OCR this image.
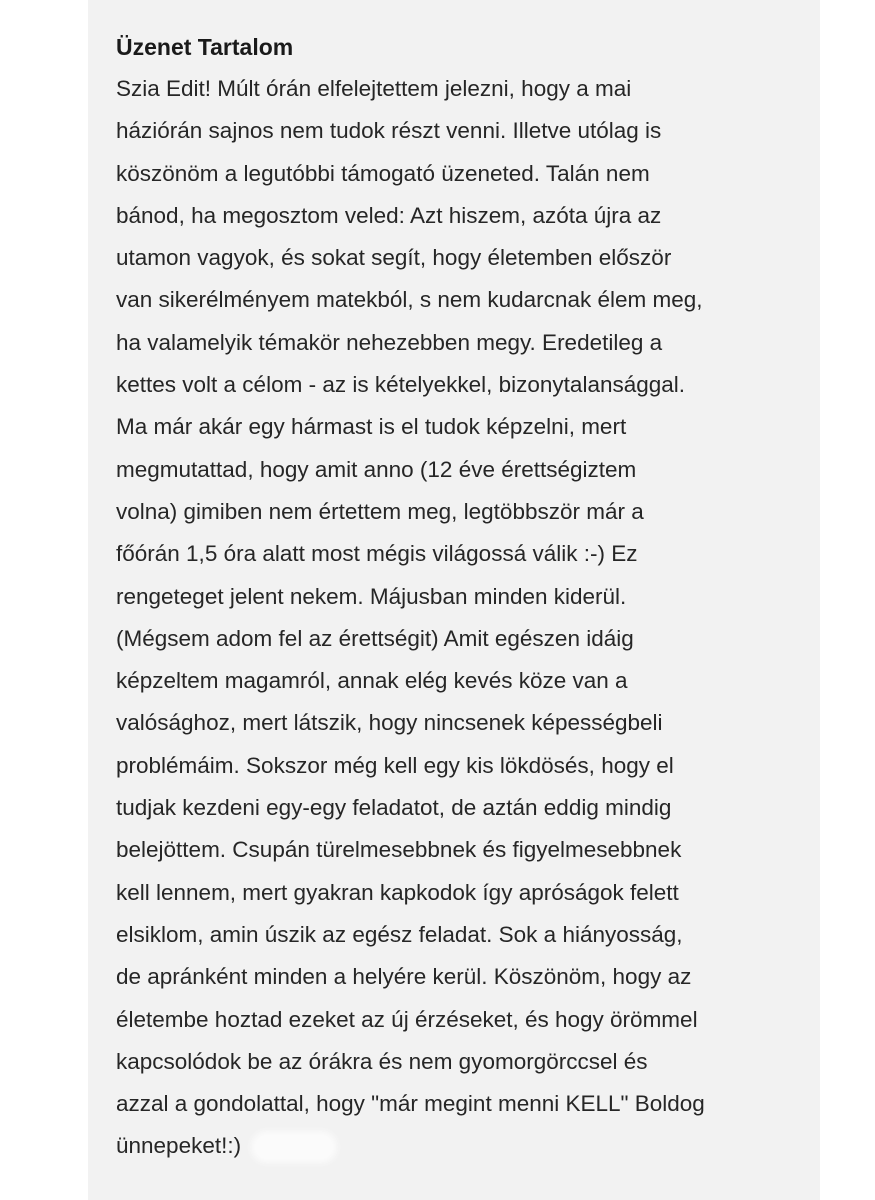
Üzenet Tartalom
Szia Edit! Múlt órán elfelejtettem jelezni, hogy a mai
háziórán sajnos nem tudok részt venni. Illetve utólag is
köszönöm a legutóbbi támogató üzeneted. Talán nem
bánod, ha megosztom veled: Azt hiszem, azóta újra az
utamon vagyok, és sokat segít, hogy életemben először
van sikerélményem matekból, s nem kudarcnak élem meg,
ha valamelyik témakör nehezebben megy. Eredetileg a
kettes volt a célom - az is kételyekkel, bizonytalansággal.
Ma már akár egy hármast is el tudok képzelni, mert
megmutattad, hogy amit anno (12 éve érettségiztem
volna) gimiben nem értettem meg, legtöbbször már a
főórán 1,5 óra alatt most mégis világossá válik :-) Ez
rengeteget jelent nekem. Májusban minden kiderül.
(Mégsem adom fel az érettségit) Amit egészen idáig
képzeltem magamról, annak elég kevés köze van a
valósághoz, mert látszik, hogy nincsenek képességbeli
problémáim. Sokszor még kell egy kis lökdösés, hogy el
tudjak kezdeni egy-egy feladatot, de aztán eddig mindig
belejöttem. Csupán türelmesebbnek és figyelmesebbnek
kell lennem, mert gyakran kapkodok így apróságok felett
elsiklom, amin úszik az egész feladat. Sok a hiányosság,
de apránként minden a helyére kerül. Köszönöm, hogy az
életembe hoztad ezeket az új érzéseket, és hogy örömmel
kapcsolódok be az órákra és nem gyomorgörccsel és
azzal a gondolattal, hogy "már megint menni KELL" Boldog
ünnepeket!:)
